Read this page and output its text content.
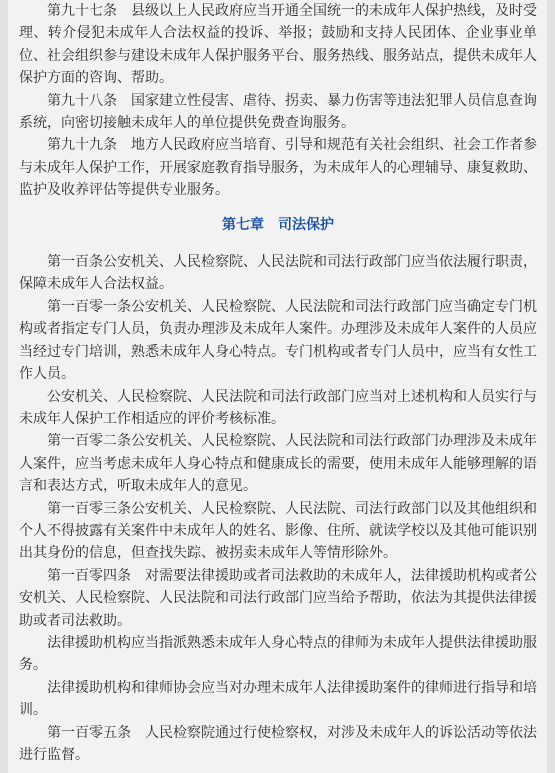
第九十七条　县级以上人民政府应当开通全国统一的未成年人保护热线，及时受理、转介侵犯未成年人合法权益的投诉、举报；鼓励和支持人民团体、企业事业单位、社会组织参与建设未成年人保护服务平台、服务热线、服务站点，提供未成年人保护方面的咨询、帮助。

第九十八条　国家建立性侵害、虐待、拐卖、暴力伤害等违法犯罪人员信息查询系统，向密切接触未成年人的单位提供免费查询服务。

第九十九条　地方人民政府应当培育、引导和规范有关社会组织、社会工作者参与未成年人保护工作，开展家庭教育指导服务，为未成年人的心理辅导、康复救助、监护及收养评估等提供专业服务。

第七章　司法保护

第一百条公安机关、人民检察院、人民法院和司法行政部门应当依法履行职责，保障未成年人合法权益。

第一百零一条公安机关、人民检察院、人民法院和司法行政部门应当确定专门机构或者指定专门人员，负责办理涉及未成年人案件。办理涉及未成年人案件的人员应当经过专门培训，熟悉未成年人身心特点。专门机构或者专门人员中，应当有女性工作人员。

公安机关、人民检察院、人民法院和司法行政部门应当对上述机构和人员实行与未成年人保护工作相适应的评价考核标准。

第一百零二条公安机关、人民检察院、人民法院和司法行政部门办理涉及未成年人案件，应当考虑未成年人身心特点和健康成长的需要，使用未成年人能够理解的语言和表达方式，听取未成年人的意见。

第一百零三条公安机关、人民检察院、人民法院、司法行政部门以及其他组织和个人不得披露有关案件中未成年人的姓名、影像、住所、就读学校以及其他可能识别出其身份的信息，但查找失踪、被拐卖未成年人等情形除外。

第一百零四条　对需要法律援助或者司法救助的未成年人，法律援助机构或者公安机关、人民检察院、人民法院和司法行政部门应当给予帮助，依法为其提供法律援助或者司法救助。

法律援助机构应当指派熟悉未成年人身心特点的律师为未成年人提供法律援助服务。

法律援助机构和律师协会应当对办理未成年人法律援助案件的律师进行指导和培训。

第一百零五条　人民检察院通过行使检察权，对涉及未成年人的诉讼活动等依法进行监督。
